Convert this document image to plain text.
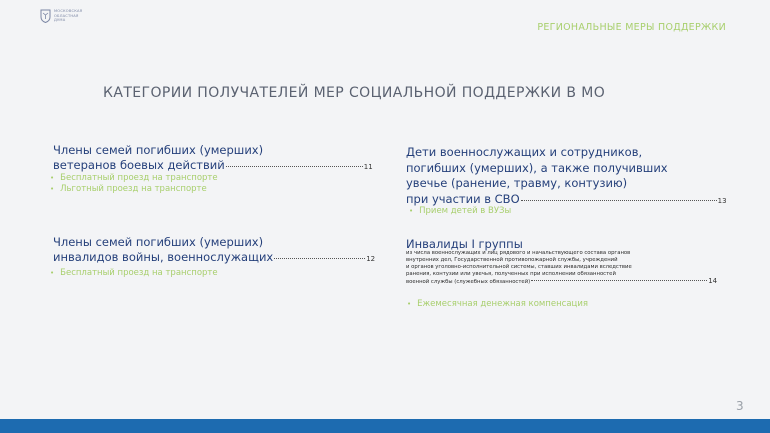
МОСКОВСКАЯ
ОБЛАСТНАЯ
ДУМА
РЕГИОНАЛЬНЫЕ МЕРЫ ПОДДЕРЖКИ
КАТЕГОРИИ ПОЛУЧАТЕЛЕЙ МЕР СОЦИАЛЬНОЙ ПОДДЕРЖКИ В МО
Члены семей погибших (умерших)
ветеранов боевых действий	11
• Бесплатный проезд на транспорте
• Льготный проезд на транспорте
Члены семей погибших (умерших)
инвалидов войны, военнослужащих	12
• Бесплатный проезд на транспорте
Дети военнослужащих и сотрудников,
погибших (умерших), а также получивших
увечье (ранение, травму, контузию)
при участии в СВО	13
• Прием детей в ВУЗы
Инвалиды I группы
из числа военнослужащих и лиц рядового и начальствующего состава органов
внутренних дел, Государственной противопожарной службы, учреждений
и органов уголовно-исполнительной системы, ставших инвалидами вследствие
ранения, контузии или увечья, полученных при исполнении обязанностей
военной службы (служебных обязанностей)	14
• Ежемесячная денежная компенсация
3
